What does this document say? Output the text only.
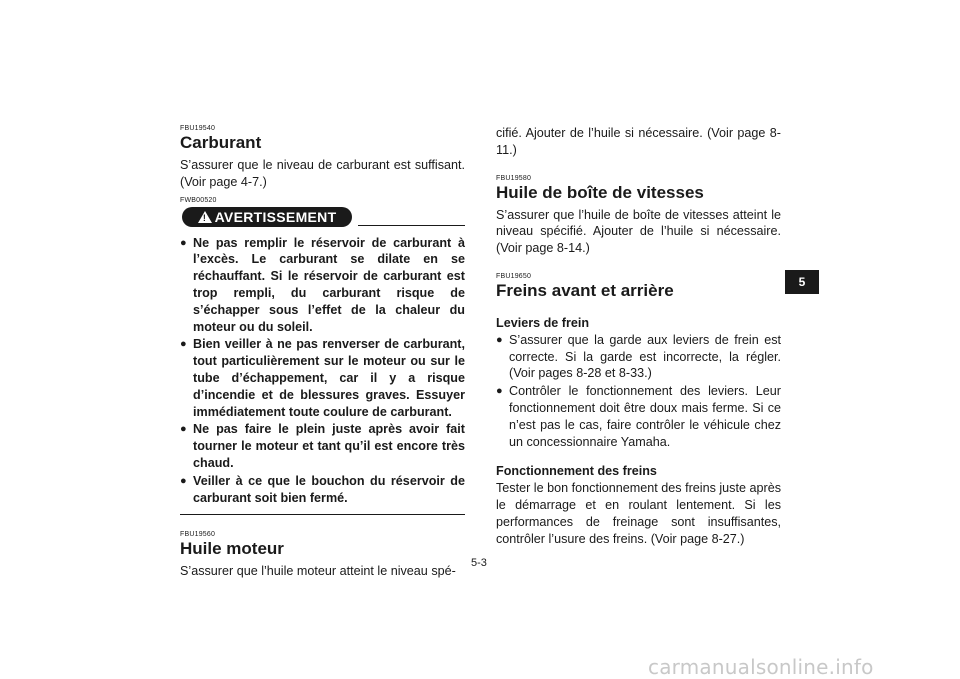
FBU19540

Carburant

S’assurer que le niveau de carburant est suffisant. (Voir page 4-7.)

FWB00520

! AVERTISSEMENT
● Ne pas remplir le réservoir de carburant à l’excès. Le carburant se dilate en se réchauffant. Si le réservoir de carburant est trop rempli, du carburant risque de s’échapper sous l’effet de la chaleur du moteur ou du soleil.
● Bien veiller à ne pas renverser de carburant, tout particulièrement sur le moteur ou sur le tube d’échappement, car il y a risque d’incendie et de blessures graves. Essuyer immédiatement toute coulure de carburant.
● Ne pas faire le plein juste après avoir fait tourner le moteur et tant qu’il est encore très chaud.
● Veiller à ce que le bouchon du réservoir de carburant soit bien fermé.

FBU19560

Huile moteur

S’assurer que l’huile moteur atteint le niveau spé-

cifié. Ajouter de l’huile si nécessaire. (Voir page 8-11.)

FBU19580

Huile de boîte de vitesses

S’assurer que l’huile de boîte de vitesses atteint le niveau spécifié. Ajouter de l’huile si nécessaire. (Voir page 8-14.)

FBU19650

Freins avant et arrière
Leviers de frein
● S’assurer que la garde aux leviers de frein est correcte. Si la garde est incorrecte, la régler. (Voir pages 8-28 et 8-33.)
● Contrôler le fonctionnement des leviers. Leur fonctionnement doit être doux mais ferme. Si ce n’est pas le cas, faire contrôler le véhicule chez un concessionnaire Yamaha.
Fonctionnement des freins

Tester le bon fonctionnement des freins juste après le démarrage et en roulant lentement. Si les performances de freinage sont insuffisantes, contrôler l’usure des freins. (Voir page 8-27.)

5-3
5
carmanualsonline.info
